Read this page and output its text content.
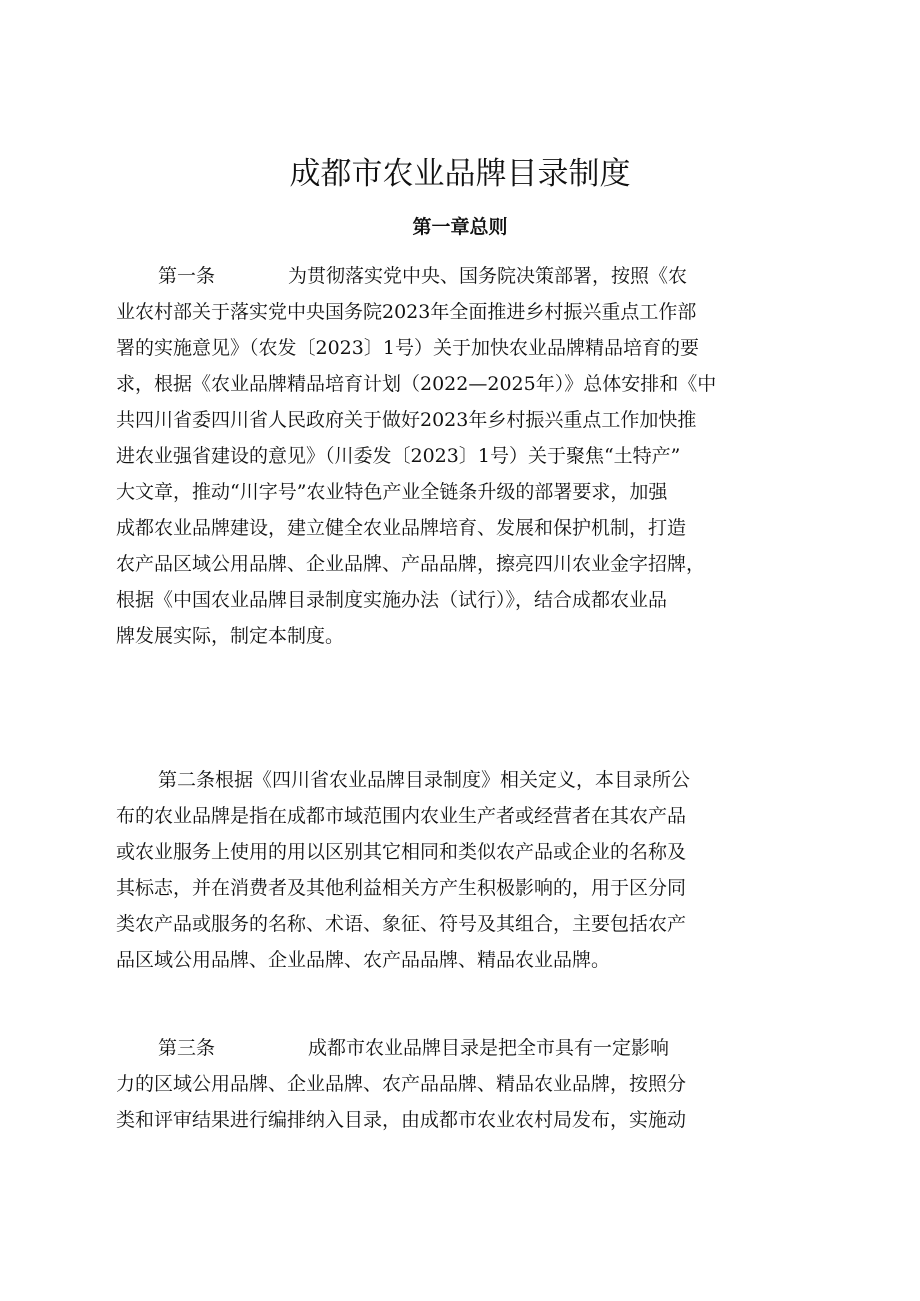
成都市农业品牌目录制度
第一章总则
第一条	为贯彻落实党中央、国务院决策部署，按照《农
业农村部关于落实党中央国务院2023年全面推进乡村振兴重点工作部
署的实施意见》（农发〔2023〕1号）关于加快农业品牌精品培育的要
求，根据《农业品牌精品培育计划（2022—2025年）》总体安排和《中
共四川省委四川省人民政府关于做好2023年乡村振兴重点工作加快推
进农业强省建设的意见》（川委发〔2023〕1号）关于聚焦“土特产”
大文章，推动“川字号”农业特色产业全链条升级的部署要求，加强
成都农业品牌建设，建立健全农业品牌培育、发展和保护机制，打造
农产品区域公用品牌、企业品牌、产品品牌，擦亮四川农业金字招牌，
根据《中国农业品牌目录制度实施办法（试行）》，结合成都农业品
牌发展实际，制定本制度。
第二条根据《四川省农业品牌目录制度》相关定义，本目录所公
布的农业品牌是指在成都市域范围内农业生产者或经营者在其农产品
或农业服务上使用的用以区别其它相同和类似农产品或企业的名称及
其标志，并在消费者及其他利益相关方产生积极影响的，用于区分同
类农产品或服务的名称、术语、象征、符号及其组合，主要包括农产
品区域公用品牌、企业品牌、农产品品牌、精品农业品牌。
第三条	成都市农业品牌目录是把全市具有一定影响
力的区域公用品牌、企业品牌、农产品品牌、精品农业品牌，按照分
类和评审结果进行编排纳入目录，由成都市农业农村局发布，实施动
